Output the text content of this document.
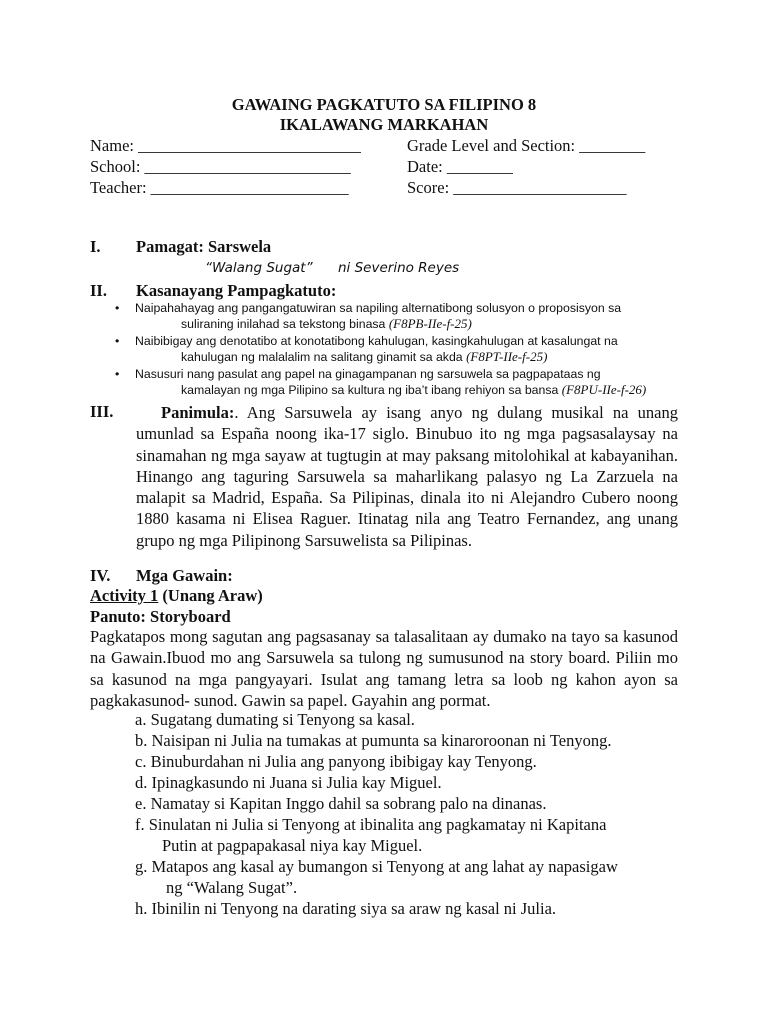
GAWAING PAGKATUTO SA FILIPINO 8
IKALAWANG MARKAHAN
Name: ___________________________	Grade Level and Section: ________
School: _________________________	Date: ________
Teacher: ________________________	Score: _____________________
I. Pamagat: Sarswela
“Walang Sugat” ni Severino Reyes
II. Kasanayang Pampagkatuto:
• Naipahahayag ang pangangatuwiran sa napiling alternatibong solusyon o proposisyon sa
suliraning inilahad sa tekstong binasa (F8PB-IIe-f-25)
• Naibibigay ang denotatibo at konotatibong kahulugan, kasingkahulugan at kasalungat na
kahulugan ng malalalim na salitang ginamit sa akda (F8PT-IIe-f-25)
• Nasusuri nang pasulat ang papel na ginagampanan ng sarsuwela sa pagpapataas ng
kamalayan ng mga Pilipino sa kultura ng iba’t ibang rehiyon sa bansa (F8PU-IIe-f-26)
III.	Panimula:. Ang Sarsuwela ay isang anyo ng dulang musikal na unang umunlad sa España noong ika-17 siglo. Binubuo ito ng mga pagsasalaysay na sinamahan ng mga sayaw at tugtugin at may paksang mitolohikal at kabayanihan. Hinango ang taguring Sarsuwela sa maharlikang palasyo ng La Zarzuela na malapit sa Madrid, España. Sa Pilipinas, dinala ito ni Alejandro Cubero noong 1880 kasama ni Elisea Raguer. Itinatag nila ang Teatro Fernandez, ang unang grupo ng mga Pilipinong Sarsuwelista sa Pilipinas.
IV. Mga Gawain:
Activity 1 (Unang Araw)
Panuto: Storyboard
Pagkatapos mong sagutan ang pagsasanay sa talasalitaan ay dumako na tayo sa kasunod na Gawain.Ibuod mo ang Sarsuwela sa tulong ng sumusunod na story board. Piliin mo sa kasunod na mga pangyayari. Isulat ang tamang letra sa loob ng kahon ayon sa pagkakasunod- sunod. Gawin sa papel. Gayahin ang pormat.
a. Sugatang dumating si Tenyong sa kasal.
b. Naisipan ni Julia na tumakas at pumunta sa kinaroroonan ni Tenyong.
c. Binuburdahan ni Julia ang panyong ibibigay kay Tenyong.
d. Ipinagkasundo ni Juana si Julia kay Miguel.
e. Namatay si Kapitan Inggo dahil sa sobrang palo na dinanas.
f. Sinulatan ni Julia si Tenyong at ibinalita ang pagkamatay ni Kapitana
Putin at pagpapakasal niya kay Miguel.
g. Matapos ang kasal ay bumangon si Tenyong at ang lahat ay napasigaw
ng “Walang Sugat”.
h. Ibinilin ni Tenyong na darating siya sa araw ng kasal ni Julia.
